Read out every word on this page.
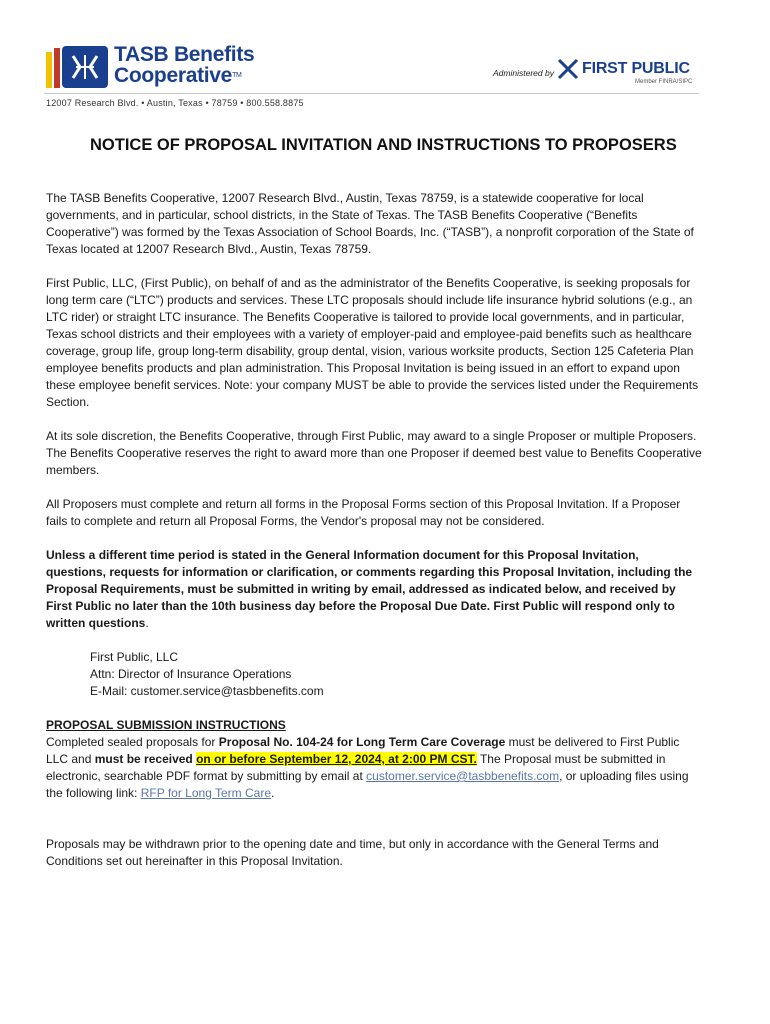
TASB Benefits
Cooperative™	Administered by FIRST PUBLIC
Member FINRA/SIPC
12007 Research Blvd. • Austin, Texas • 78759 • 800.558.8875
NOTICE OF PROPOSAL INVITATION AND INSTRUCTIONS TO PROPOSERS

The TASB Benefits Cooperative, 12007 Research Blvd., Austin, Texas 78759, is a statewide cooperative for local governments, and in particular, school districts, in the State of Texas. The TASB Benefits Cooperative (“Benefits Cooperative”) was formed by the Texas Association of School Boards, Inc. (“TASB”), a nonprofit corporation of the State of Texas located at 12007 Research Blvd., Austin, Texas 78759.

First Public, LLC, (First Public), on behalf of and as the administrator of the Benefits Cooperative, is seeking proposals for long term care (“LTC”) products and services. These LTC proposals should include life insurance hybrid solutions (e.g., an LTC rider) or straight LTC insurance. The Benefits Cooperative is tailored to provide local governments, and in particular, Texas school districts and their employees with a variety of employer-paid and employee-paid benefits such as healthcare coverage, group life, group long-term disability, group dental, vision, various worksite products, Section 125 Cafeteria Plan employee benefits products and plan administration. This Proposal Invitation is being issued in an effort to expand upon these employee benefit services. Note: your company MUST be able to provide the services listed under the Requirements Section.

At its sole discretion, the Benefits Cooperative, through First Public, may award to a single Proposer or multiple Proposers. The Benefits Cooperative reserves the right to award more than one Proposer if deemed best value to Benefits Cooperative members.

All Proposers must complete and return all forms in the Proposal Forms section of this Proposal Invitation. If a Proposer fails to complete and return all Proposal Forms, the Vendor's proposal may not be considered.

Unless a different time period is stated in the General Information document for this Proposal Invitation, questions, requests for information or clarification, or comments regarding this Proposal Invitation, including the Proposal Requirements, must be submitted in writing by email, addressed as indicated below, and received by First Public no later than the 10th business day before the Proposal Due Date. First Public will respond only to written questions.

First Public, LLC
Attn: Director of Insurance Operations
E-Mail: customer.service@tasbbenefits.com
PROPOSAL SUBMISSION INSTRUCTIONS

Completed sealed proposals for Proposal No. 104-24 for Long Term Care Coverage must be delivered to First Public LLC and must be received on or before September 12, 2024, at 2:00 PM CST. The Proposal must be submitted in electronic, searchable PDF format by submitting by email at customer.service@tasbbenefits.com, or uploading files using the following link: RFP for Long Term Care.

Proposals may be withdrawn prior to the opening date and time, but only in accordance with the General Terms and Conditions set out hereinafter in this Proposal Invitation.
